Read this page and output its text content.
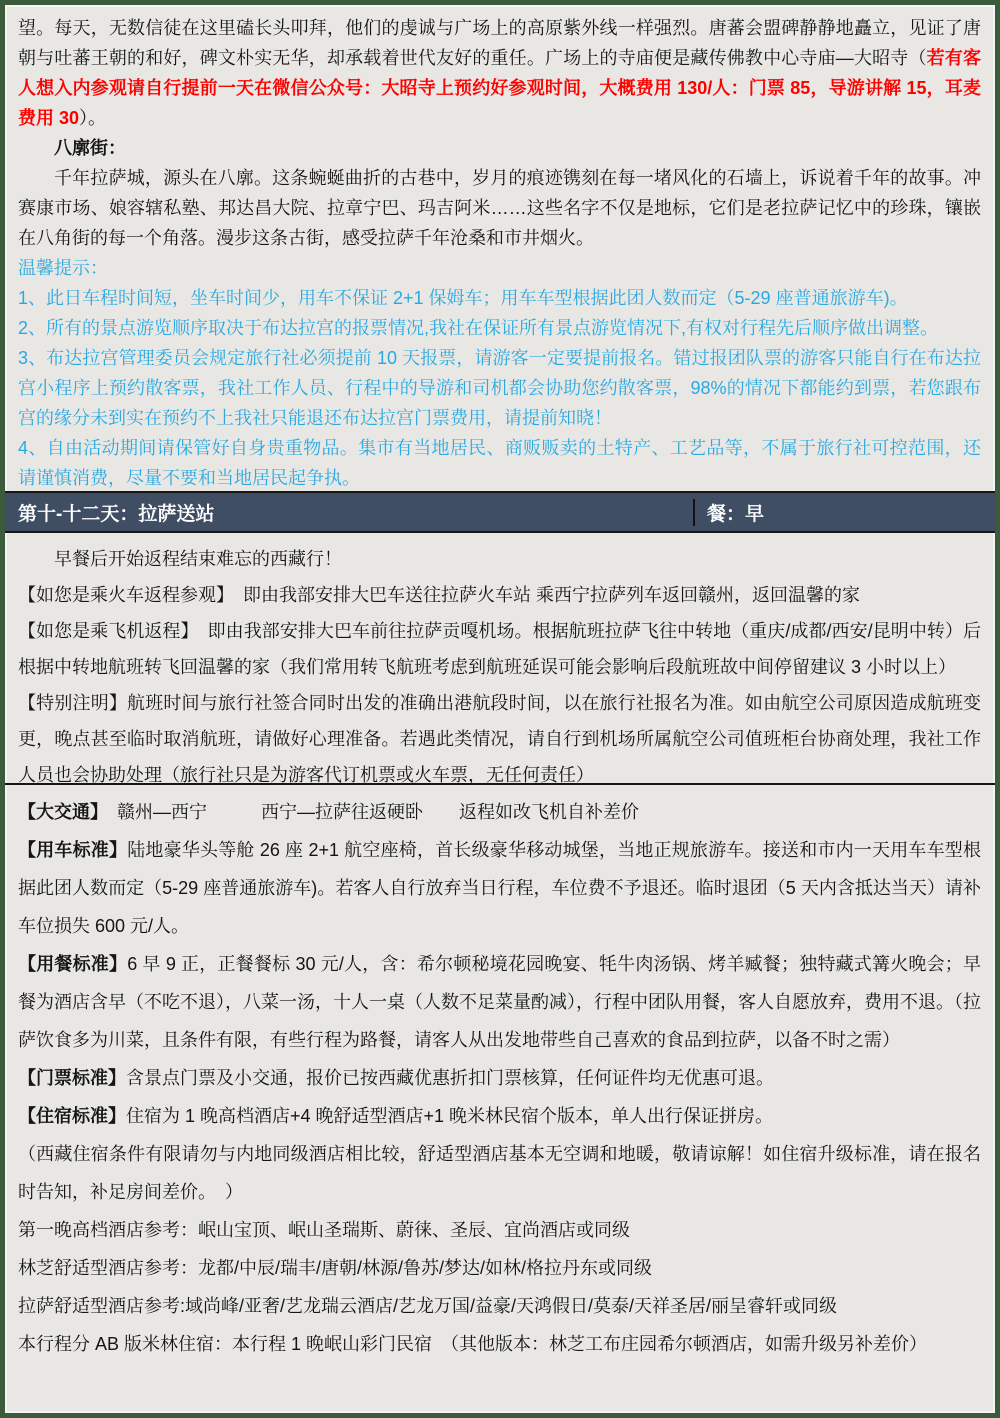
望。每天，无数信徒在这里磕长头叩拜，他们的虔诚与广场上的高原紫外线一样强烈。唐蕃会盟碑静静地矗立，见证了唐朝与吐蕃王朝的和好，碑文朴实无华，却承载着世代友好的重任。广场上的寺庙便是藏传佛教中心寺庙—大昭寺（若有客人想入内参观请自行提前一天在微信公众号：大昭寺上预约好参观时间，大概费用 130/人：门票 85，导游讲解 15，耳麦费用 30）。

八廓街：

千年拉萨城，源头在八廓。这条蜿蜒曲折的古巷中，岁月的痕迹镌刻在每一堵风化的石墙上，诉说着千年的故事。冲赛康市场、娘容辖私塾、邦达昌大院、拉章宁巴、玛吉阿米……这些名字不仅是地标，它们是老拉萨记忆中的珍珠，镶嵌在八角街的每一个角落。漫步这条古街，感受拉萨千年沧桑和市井烟火。

温馨提示：

1、此日车程时间短，坐车时间少，用车不保证 2+1 保姆车；用车车型根据此团人数而定（5-29 座普通旅游车)。

2、所有的景点游览顺序取决于布达拉宫的报票情况,我社在保证所有景点游览情况下,有权对行程先后顺序做出调整。

3、布达拉宫管理委员会规定旅行社必须提前 10 天报票，请游客一定要提前报名。错过报团队票的游客只能自行在布达拉宫小程序上预约散客票，我社工作人员、行程中的导游和司机都会协助您约散客票，98%的情况下都能约到票，若您跟布宫的缘分未到实在预约不上我社只能退还布达拉宫门票费用，请提前知晓！

4、自由活动期间请保管好自身贵重物品。集市有当地居民、商贩贩卖的土特产、工艺品等，不属于旅行社可控范围，还请谨慎消费，尽量不要和当地居民起争执。

第十-十二天：拉萨送站	餐：早

早餐后开始返程结束难忘的西藏行！

【如您是乘火车返程参观】　即由我部安排大巴车送往拉萨火车站 乘西宁拉萨列车返回赣州，返回温馨的家

【如您是乘飞机返程】　即由我部安排大巴车前往拉萨贡嘎机场。根据航班拉萨飞往中转地（重庆/成都/西安/昆明中转）后根据中转地航班转飞回温馨的家（我们常用转飞航班考虑到航班延误可能会影响后段航班故中间停留建议 3 小时以上）

【特别注明】航班时间与旅行社签合同时出发的准确出港航段时间，以在旅行社报名为准。如由航空公司原因造成航班变更，晚点甚至临时取消航班，请做好心理准备。若遇此类情况，请自行到机场所属航空公司值班柜台协商处理，我社工作人员也会协助处理（旅行社只是为游客代订机票或火车票，无任何责任）

【大交通】　赣州—西宁　　　西宁—拉萨往返硬卧　　返程如改飞机自补差价

【用车标准】陆地豪华头等舱 26 座 2+1 航空座椅，首长级豪华移动城堡，当地正规旅游车。接送和市内一天用车车型根据此团人数而定（5-29 座普通旅游车)。若客人自行放弃当日行程，车位费不予退还。临时退团（5 天内含抵达当天）请补车位损失 600 元/人。

【用餐标准】6 早 9 正，正餐餐标 30 元/人，含：希尔顿秘境花园晚宴、牦牛肉汤锅、烤羊臧餐；独特藏式篝火晚会；早餐为酒店含早（不吃不退），八菜一汤，十人一桌（人数不足菜量酌减），行程中团队用餐，客人自愿放弃，费用不退。（拉萨饮食多为川菜，且条件有限，有些行程为路餐，请客人从出发地带些自己喜欢的食品到拉萨，以备不时之需）

【门票标准】含景点门票及小交通，报价已按西藏优惠折扣门票核算，任何证件均无优惠可退。

【住宿标准】住宿为 1 晚高档酒店+4 晚舒适型酒店+1 晚米林民宿个版本，单人出行保证拼房。

（西藏住宿条件有限请勿与内地同级酒店相比较，舒适型酒店基本无空调和地暖，敬请谅解！如住宿升级标准，请在报名时告知，补足房间差价。　）

第一晚高档酒店参考：岷山宝顶、岷山圣瑞斯、蔚徕、圣辰、宜尚酒店或同级

林芝舒适型酒店参考：龙都/中辰/瑞丰/唐朝/林源/鲁苏/梦达/如林/格拉丹东或同级

拉萨舒适型酒店参考:域尚峰/亚奢/艺龙瑞云酒店/艺龙万国/益豪/天鸿假日/莫泰/天祥圣居/丽呈睿轩或同级

本行程分 AB 版米林住宿：本行程 1 晚岷山彩门民宿　（其他版本：林芝工布庄园希尔顿酒店，如需升级另补差价）
